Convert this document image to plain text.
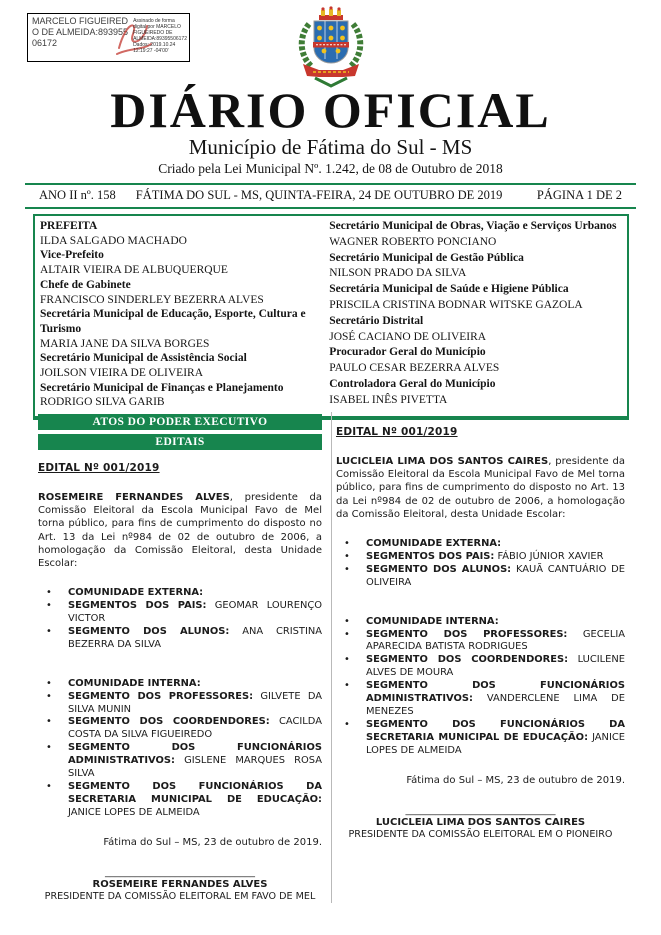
MARCELO FIGUEIREDO DE ALMEIDA:89395506172
Assinado de forma digital por MARCELO FIGUEIREDO DE ALMEIDA:89395506172
Dados: 2019.10.24 12:19:27 -04'00'
DIÁRIO OFICIAL
Município de Fátima do Sul - MS
Criado pela Lei Municipal Nº. 1.242, de 08 de Outubro de 2018
ANO II nº. 158 FÁTIMA DO SUL - MS, QUINTA-FEIRA, 24 DE OUTUBRO DE 2019	PÁGINA 1 DE 2
PREFEITA
ILDA SALGADO MACHADO
Vice-Prefeito
ALTAIR VIEIRA DE ALBUQUERQUE
Chefe de Gabinete
FRANCISCO SINDERLEY BEZERRA ALVES
Secretária Municipal de Educação, Esporte, Cultura e Turismo
MARIA JANE DA SILVA BORGES
Secretário Municipal de Assistência Social
JOILSON VIEIRA DE OLIVEIRA
Secretário Municipal de Finanças e Planejamento
RODRIGO SILVA GARIB
Secretário Municipal de Obras, Viação e Serviços Urbanos
WAGNER ROBERTO PONCIANO
Secretário Municipal de Gestão Pública
NILSON PRADO DA SILVA
Secretária Municipal de Saúde e Higiene Pública
PRISCILA CRISTINA BODNAR WITSKE GAZOLA
Secretário Distrital
JOSÉ CACIANO DE OLIVEIRA
Procurador Geral do Município
PAULO CESAR BEZERRA ALVES
Controladora Geral do Município
ISABEL INÊS PIVETTA
ATOS DO PODER EXECUTIVO
EDITAIS
EDITAL Nº 001/2019

ROSEMEIRE FERNANDES ALVES, presidente da Comissão Eleitoral da Escola Municipal Favo de Mel torna público, para fins de cumprimento do disposto no Art. 13 da Lei nº984 de 02 de outubro de 2006, a homologação da Comissão Eleitoral, desta Unidade Escolar:

• COMUNIDADE EXTERNA:
• SEGMENTOS DOS PAIS: GEOMAR LOURENÇO VICTOR
• SEGMENTO DOS ALUNOS: ANA CRISTINA BEZERRA DA SILVA
• COMUNIDADE INTERNA:
• SEGMENTO DOS PROFESSORES: GILVETE DA SILVA MUNIN
• SEGMENTO DOS COORDENDORES: CACILDA COSTA DA SILVA FIGUEIREDO
• SEGMENTO DOS FUNCIONÁRIOS ADMINISTRATIVOS: GISLENE MARQUES ROSA SILVA
• SEGMENTO DOS FUNCIONÁRIOS DA SECRETARIA MUNICIPAL DE EDUCAÇÃO: JANICE LOPES DE ALMEIDA
Fátima do Sul – MS, 23 de outubro de 2019.
______________________________
ROSEMEIRE FERNANDES ALVES
PRESIDENTE DA COMISSÃO ELEITORAL EM FAVO DE MEL
EDITAL Nº 001/2019

LUCICLEIA LIMA DOS SANTOS CAIRES, presidente da Comissão Eleitoral da Escola Municipal Favo de Mel torna público, para fins de cumprimento do disposto no Art. 13 da Lei nº984 de 02 de outubro de 2006, a homologação da Comissão Eleitoral, desta Unidade Escolar:

• COMUNIDADE EXTERNA:
• SEGMENTOS DOS PAIS: FÁBIO JÚNIOR XAVIER
• SEGMENTO DOS ALUNOS: KAUÃ CANTUÁRIO DE OLIVEIRA
• COMUNIDADE INTERNA:
• SEGMENTO DOS PROFESSORES: GECELIA APARECIDA BATISTA RODRIGUES
• SEGMENTO DOS COORDENDORES: LUCILENE ALVES DE MOURA
• SEGMENTO DOS FUNCIONÁRIOS ADMINISTRATIVOS: VANDERCLENE LIMA DE MENEZES
• SEGMENTO DOS FUNCIONÁRIOS DA SECRETARIA MUNICIPAL DE EDUCAÇÃO: JANICE LOPES DE ALMEIDA
Fátima do Sul – MS, 23 de outubro de 2019.
______________________________
LUCICLEIA LIMA DOS SANTOS CAIRES
PRESIDENTE DA COMISSÃO ELEITORAL EM O PIONEIRO
